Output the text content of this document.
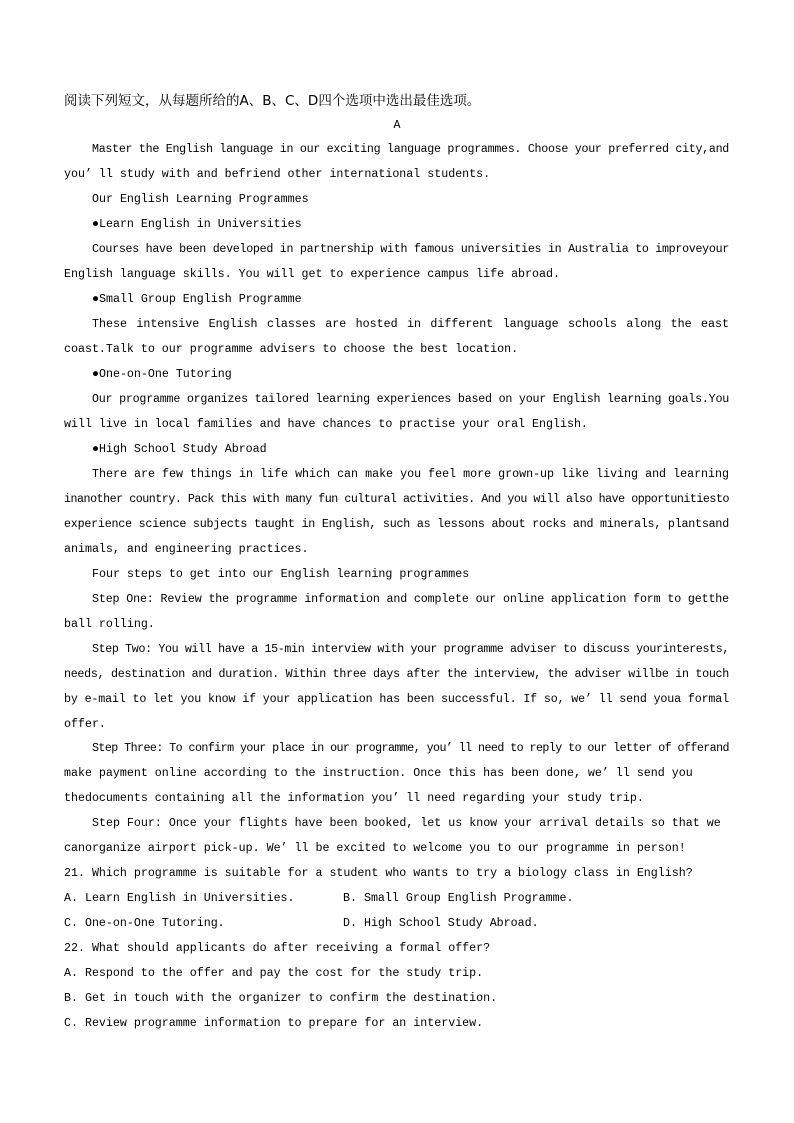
阅读下列短文，从每题所给的A、B、C、D四个选项中选出最佳选项。
A
Master the English language in our exciting language programmes. Choose your preferred city,and
you’ ll study with and befriend other international students.
Our English Learning Programmes
●Learn English in Universities
Courses have been developed in partnership with famous universities in Australia to improveyour
English language skills. You will get to experience campus life abroad.
●Small Group English Programme
These intensive English classes are hosted in different language schools along the east
coast.Talk to our programme advisers to choose the best location.
●One-on-One Tutoring
Our programme organizes tailored learning experiences based on your English learning goals.You
will live in local families and have chances to practise your oral English.
●High School Study Abroad
There are few things in life which can make you feel more grown-up like living and learning
inanother country. Pack this with many fun cultural activities. And you will also have opportunitiesto
experience science subjects taught in English, such as lessons about rocks and minerals, plantsand
animals, and engineering practices.
Four steps to get into our English learning programmes
Step One: Review the programme information and complete our online application form to getthe
ball rolling.
Step Two: You will have a 15-min interview with your programme adviser to discuss yourinterests,
needs, destination and duration. Within three days after the interview, the adviser willbe in touch
by e-mail to let you know if your application has been successful. If so, we’ ll send youa formal
offer.
Step Three: To confirm your place in our programme, you’ ll need to reply to our letter of offerand
make payment online according to the instruction. Once this has been done, we’ ll send you
thedocuments containing all the information you’ ll need regarding your study trip.
Step Four: Once your flights have been booked, let us know your arrival details so that we
canorganize airport pick-up. We’ ll be excited to welcome you to our programme in person!
21. Which programme is suitable for a student who wants to try a biology class in English?
A. Learn English in Universities.	B. Small Group English Programme.
C. One-on-One Tutoring.	D. High School Study Abroad.
22. What should applicants do after receiving a formal offer?
A. Respond to the offer and pay the cost for the study trip.
B. Get in touch with the organizer to confirm the destination.
C. Review programme information to prepare for an interview.
